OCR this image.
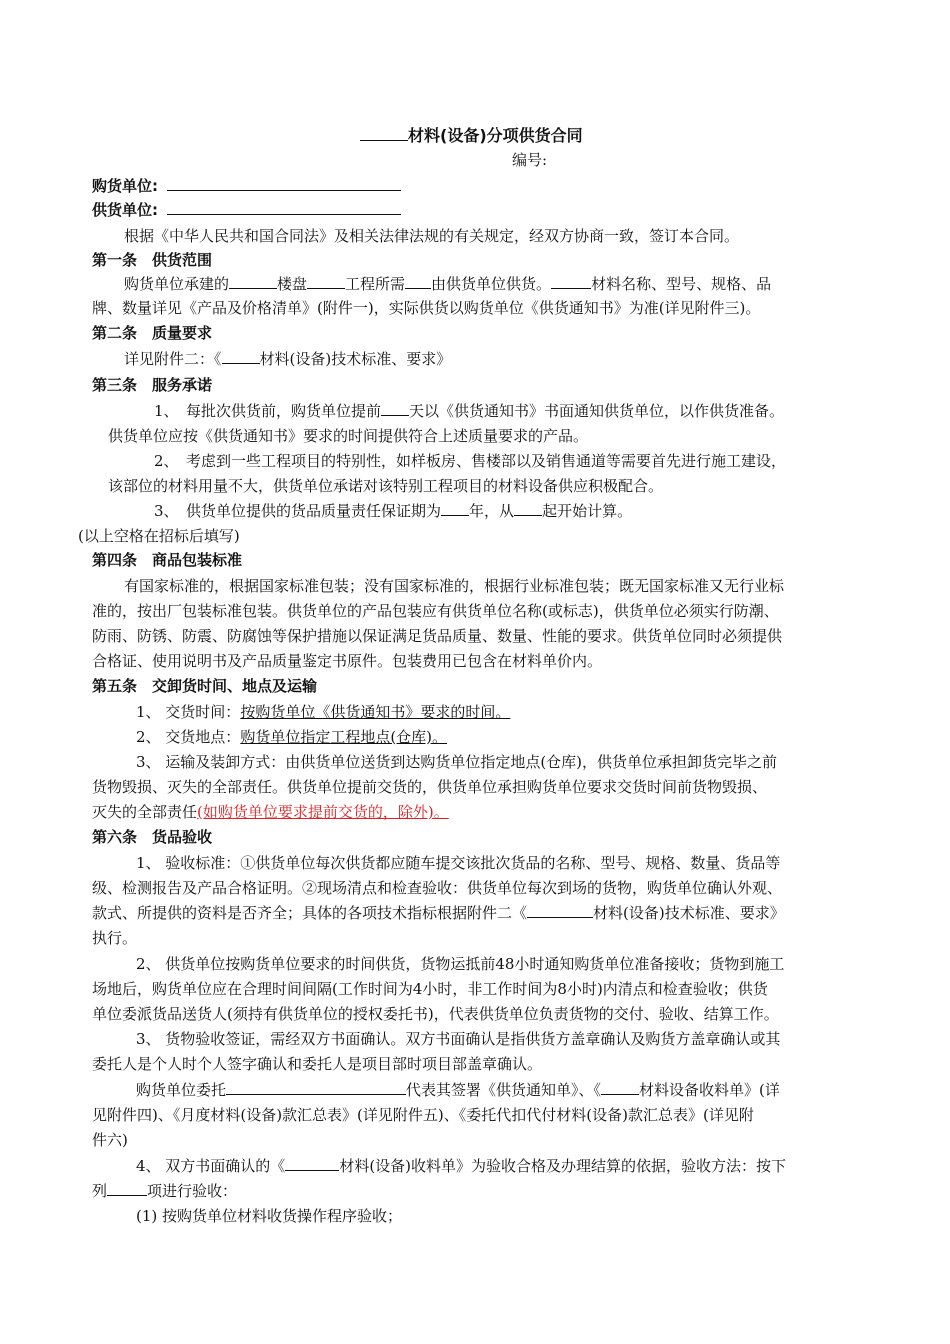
材料(设备)分项供货合同
编号:
购货单位:
供货单位:
根据《中华人民共和国合同法》及相关法律法规的有关规定，经双方协商一致，签订本合同。
第一条　供货范围
购货单位承建的	楼盘	工程所需 由供货单位供货。	材料名称、型号、规格、品
牌、数量详见《产品及价格清单》(附件一)，实际供货以购货单位《供货通知书》为准(详见附件三)。
第二条　质量要求
详见附件二：《	材料(设备)技术标准、要求》
第三条　服务承诺
1、　每批次供货前，购货单位提前 天以《供货通知书》书面通知供货单位，以作供货准备。
供货单位应按《供货通知书》要求的时间提供符合上述质量要求的产品。
2、　考虑到一些工程项目的特别性，如样板房、售楼部以及销售通道等需要首先进行施工建设，
该部位的材料用量不大，供货单位承诺对该特别工程项目的材料设备供应积极配合。
3、　供货单位提供的货品质量责任保证期为 年，从 起开始计算。
(以上空格在招标后填写)
第四条　商品包装标准
有国家标准的，根据国家标准包装；没有国家标准的，根据行业标准包装；既无国家标准又无行业标
准的，按出厂包装标准包装。供货单位的产品包装应有供货单位名称(或标志)，供货单位必须实行防潮、
防雨、防锈、防震、防腐蚀等保护措施以保证满足货品质量、数量、性能的要求。供货单位同时必须提供
合格证、使用说明书及产品质量鉴定书原件。包装费用已包含在材料单价内。
第五条　交卸货时间、地点及运输
1、 交货时间：按购货单位《供货通知书》要求的时间。
2、 交货地点：购货单位指定工程地点(仓库)。
3、 运输及装卸方式：由供货单位送货到达购货单位指定地点(仓库)，供货单位承担卸货完毕之前
货物毁损、灭失的全部责任。供货单位提前交货的，供货单位承担购货单位要求交货时间前货物毁损、
灭失的全部责任(如购货单位要求提前交货的，除外)。
第六条　货品验收
1、 验收标准：①供货单位每次供货都应随车提交该批次货品的名称、型号、规格、数量、货品等
级、检测报告及产品合格证明。②现场清点和检查验收：供货单位每次到场的货物，购货单位确认外观、
款式、所提供的资料是否齐全；具体的各项技术指标根据附件二《	材料(设备)技术标准、要求》
执行。
2、 供货单位按购货单位要求的时间供货，货物运抵前48小时通知购货单位准备接收；货物到施工
场地后，购货单位应在合理时间间隔(工作时间为4小时，非工作时间为8小时)内清点和检查验收；供货
单位委派货品送货人(须持有供货单位的授权委托书)，代表供货单位负责货物的交付、验收、结算工作。
3、 货物验收签证，需经双方书面确认。双方书面确认是指供货方盖章确认及购货方盖章确认或其
委托人是个人时个人签字确认和委托人是项目部时项目部盖章确认。
购货单位委托	代表其签署《供货通知单》、《	材料设备收料单》(详
见附件四)、《月度材料(设备)款汇总表》(详见附件五)、《委托代扣代付材料(设备)款汇总表》(详见附
件六)
4、 双方书面确认的《	材料(设备)收料单》为验收合格及办理结算的依据，验收方法：按下
列	项进行验收：
(1) 按购货单位材料收货操作程序验收；
